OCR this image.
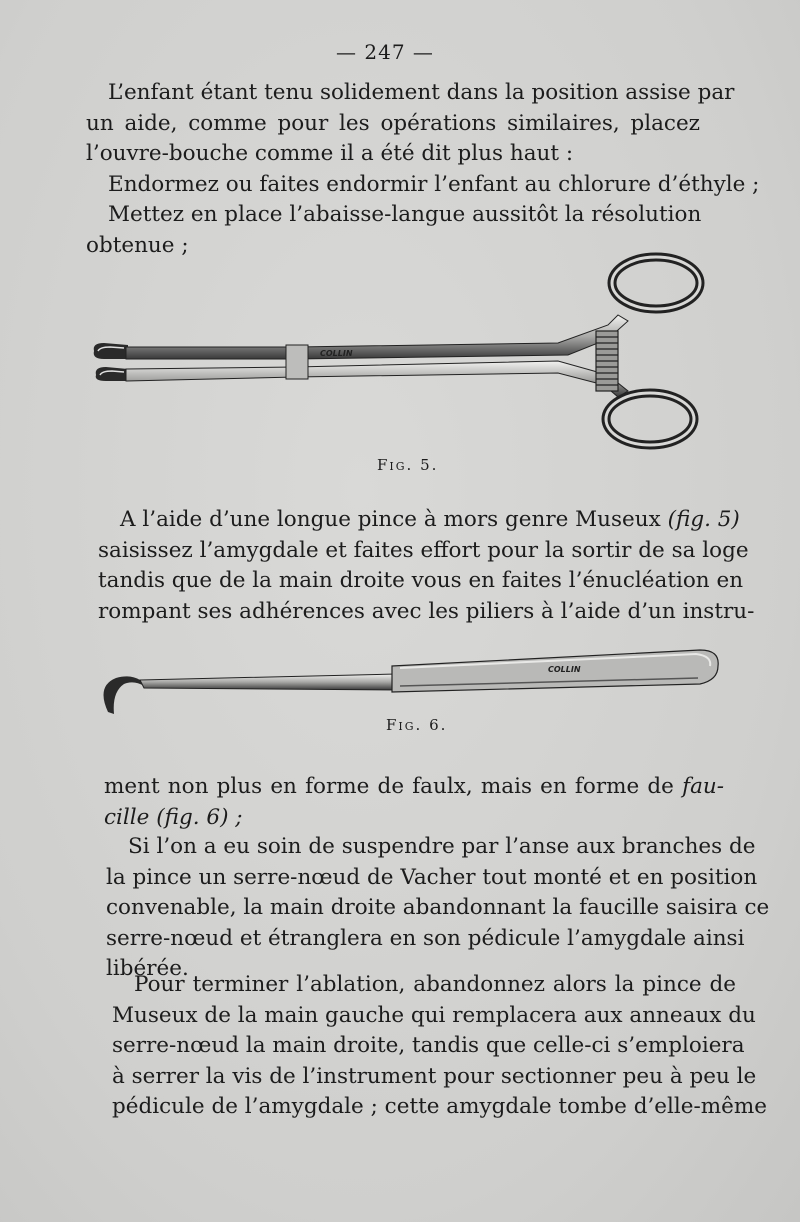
— 247 —
L’enfant étant tenu solidement dans la position assise par
un aide, comme pour les opérations similaires, placez
l’ouvre-bouche comme il a été dit plus haut :
Endormez ou faites endormir l’enfant au chlorure d’éthyle ;
Mettez en place l’abaisse-langue aussitôt la résolution
obtenue ;
COLLIN
Fig. 5.
A l’aide d’une longue pince à mors genre Museux (fig. 5)
saisissez l’amygdale et faites effort pour la sortir de sa loge
tandis que de la main droite vous en faites l’énucléation en
rompant ses adhérences avec les piliers à l’aide d’un instru-
COLLIN
Fig. 6.
ment non plus en forme de faulx, mais en forme de fau-
cille (fig. 6) ;
Si l’on a eu soin de suspendre par l’anse aux branches de
la pince un serre-nœud de Vacher tout monté et en position
convenable, la main droite abandonnant la faucille saisira ce
serre-nœud et étranglera en son pédicule l’amygdale ainsi
libérée.
Pour terminer l’ablation, abandonnez alors la pince de
Museux de la main gauche qui remplacera aux anneaux du
serre-nœud la main droite, tandis que celle-ci s’emploiera
à serrer la vis de l’instrument pour sectionner peu à peu le
pédicule de l’amygdale ; cette amygdale tombe d’elle-même
